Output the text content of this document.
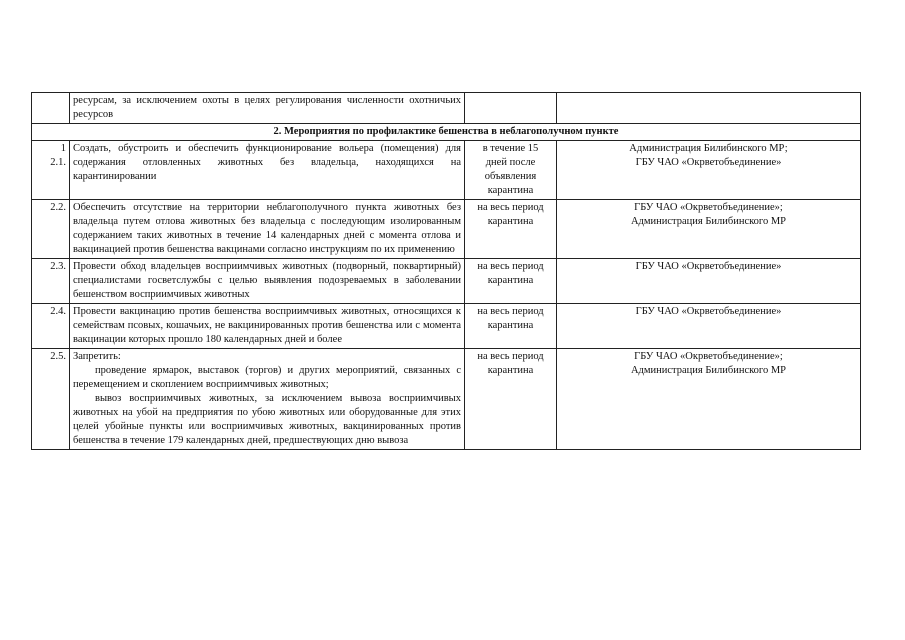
	ресурсам, за исключением охоты в целях регулирования численности охотничьих ресурсов		
2. Мероприятия по профилактике бешенства в неблагополучном пункте			

1
2.1.	Создать, обустроить и обеспечить функционирование вольера (помещения) для содержания отловленных животных без владельца, находящихся на карантинировании	в течение 15
дней после
объявления
карантина	Администрация Билибинского МР;
ГБУ ЧАО «Окрветобъединение»

2.2.	Обеспечить отсутствие на территории неблагополучного пункта животных без владельца путем отлова животных без владельца с последующим изолированным содержанием таких животных в течение 14 календарных дней с момента отлова и вакцинацией против бешенства вакцинами согласно инструкциям по их применению	на весь период
карантина	ГБУ ЧАО «Окрветобъединение»;
Администрация Билибинского МР

2.3.	Провести обход владельцев восприимчивых животных (подворный, поквартирный) специалистами госветслужбы с целью выявления подозреваемых в заболевании бешенством восприимчивых животных	на весь период
карантина	ГБУ ЧАО «Окрветобъединение»

2.4.	Провести вакцинацию против бешенства восприимчивых животных, относящихся к семействам псовых, кошачьих, не вакцинированных против бешенства или с момента вакцинации которых прошло 180 календарных дней и более	на весь период
карантина	ГБУ ЧАО «Окрветобъединение»

2.5.	Запретить:
проведение ярмарок, выставок (торгов) и других мероприятий, связанных с перемещением и скоплением восприимчивых животных;
вывоз восприимчивых животных, за исключением вывоза восприимчивых животных на убой на предприятия по убою животных или оборудованные для этих целей убойные пункты или восприимчивых животных, вакцинированных против бешенства в течение 179 календарных дней, предшествующих дню вывоза	на весь период
карантина	ГБУ ЧАО «Окрветобъединение»;
Администрация Билибинского МР
